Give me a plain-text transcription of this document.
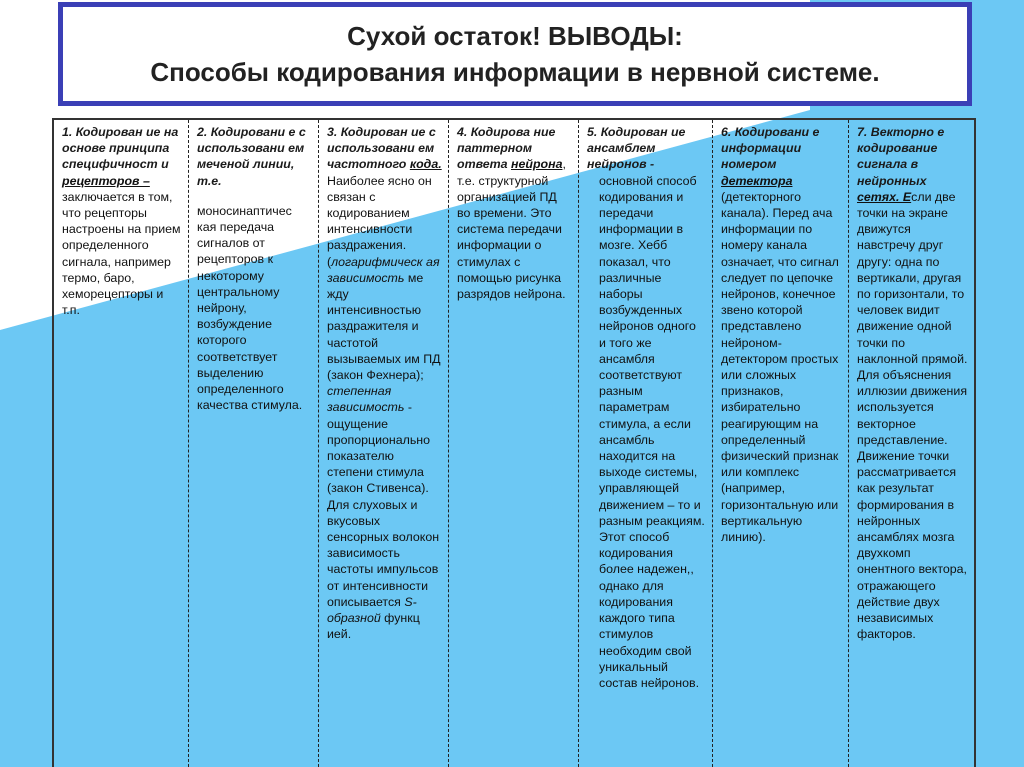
Сухой остаток! ВЫВОДЫ:
Способы кодирования информации в нервной системе.
1. Кодирован ие на основе принципа специфичност и рецепторов – заключается в том, что рецепторы настроены на прием определенного сигнала, например термо, баро, хеморецепторы и т.п.
2. Кодировани е с использовани ем меченой линии, т.е.
моносинаптичес кая передача сигналов от рецепторов к некоторому центральному нейрону, возбуждение которого соответствует выделению определенного качества стимула.
3. Кодирован ие с использовани ем частотного кода. Наиболее ясно он связан с кодированием интенсивности раздражения. (логарифмическ ая зависимость ме жду интенсивностью раздражителя и частотой вызываемых им ПД (закон Фехнера); степенная зависимость - ощущение пропорционально показателю степени стимула (закон Стивенса). Для слуховых и вкусовых сенсорных волокон зависимость частоты импульсов от интенсивности описывается S-образной функц ией.
4. Кодирова ние паттерном ответа нейрона, т.е. структурной организацией ПД во времени. Это система передачи информации о стимулах с помощью рисунка разрядов нейрона.
5. Кодирован ие ансамблем нейронов -
основной способ кодирования и передачи информации в мозге. Хебб показал, что различные наборы возбужденных нейронов одного и того же ансамбля соответствуют разным параметрам стимула, а если ансамбль находится на выходе системы, управляющей движением – то и разным реакциям. Этот способ кодирования более надежен,, однако для кодирования каждого типа стимулов необходим свой уникальный состав нейронов.
6. Кодировани е информации номером детектора (детекторного канала). Перед ача информации по номеру канала означает, что сигнал следует по цепочке нейронов, конечное звено которой представлено нейроном-детектором простых или сложных признаков, избирательно реагирующим на определенный физический признак или комплекс (например, горизонтальную или вертикальную линию).
7. Векторно е кодирование сигнала в нейронных сетях. Если две точки на экране движутся навстречу друг другу: одна по вертикали, другая по горизонтали, то человек видит движение одной точки по наклонной прямой. Для объяснения иллюзии движения используется векторное представление. Движение точки рассматривается как результат формирования в нейронных ансамблях мозга двухкомп онентного вектора, отражающего действие двух независимых факторов.
